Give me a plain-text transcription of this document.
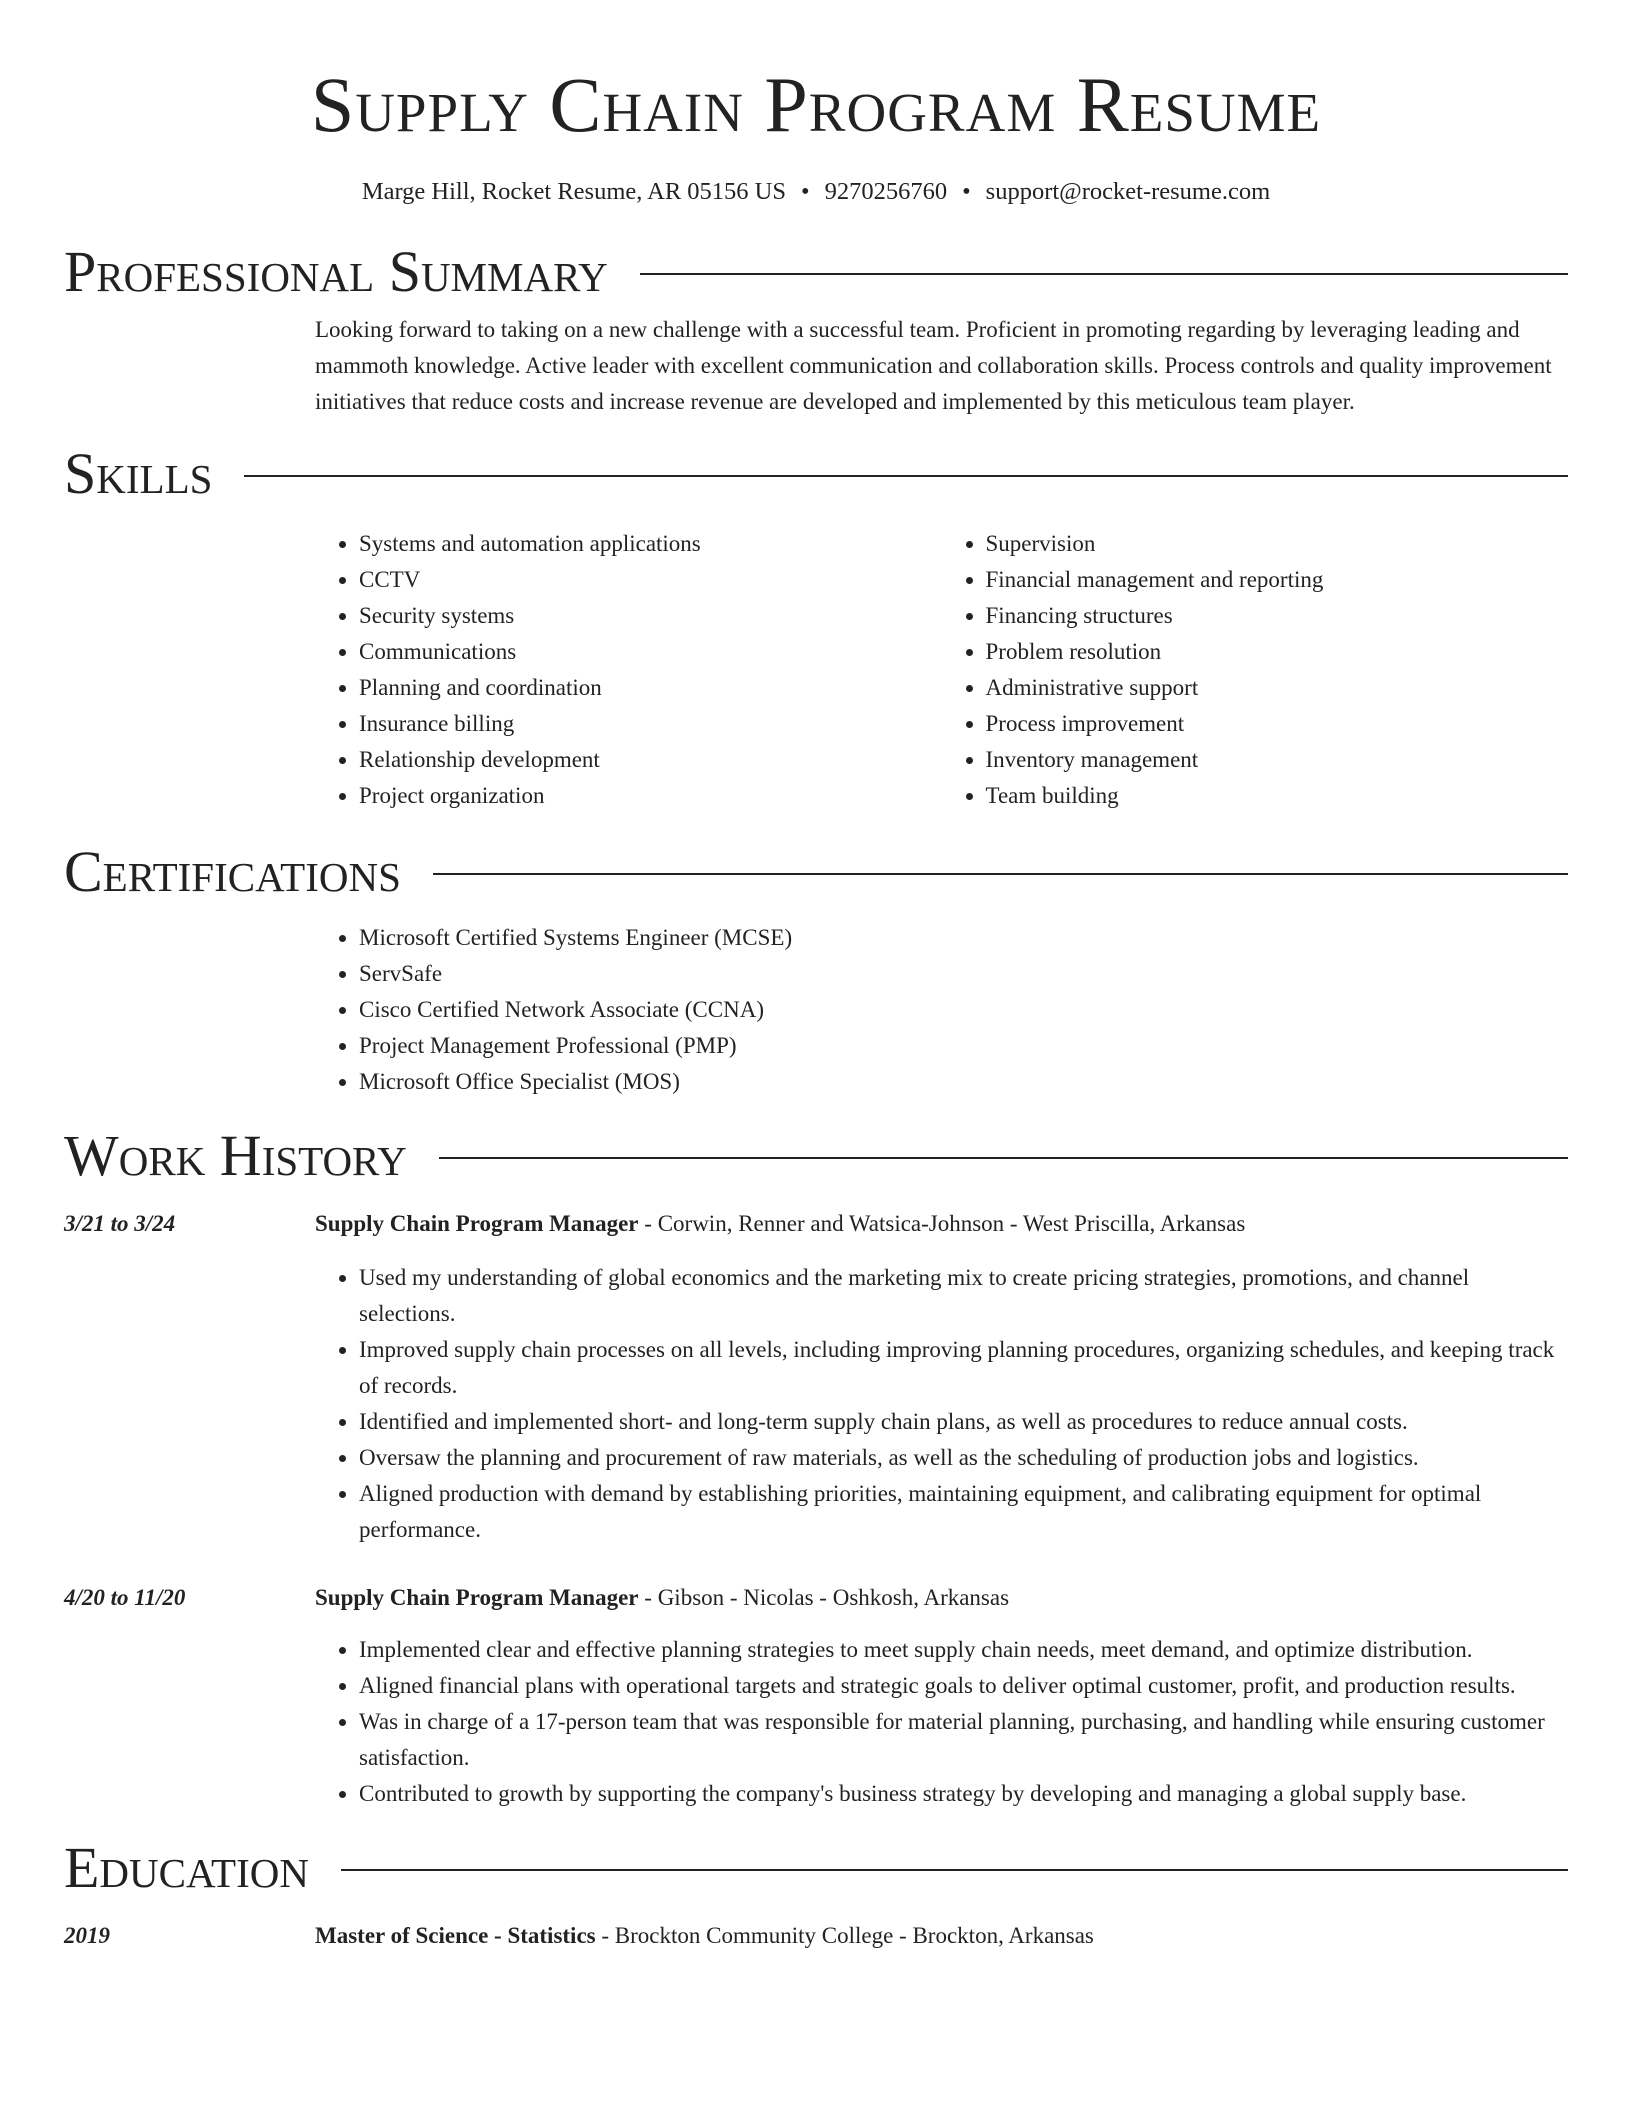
Supply Chain Program Resume
Marge Hill, Rocket Resume, AR 05156 US • 9270256760 • support@rocket-resume.com
Professional Summary

Looking forward to taking on a new challenge with a successful team. Proficient in promoting regarding by leveraging leading and mammoth knowledge. Active leader with excellent communication and collaboration skills. Process controls and quality improvement initiatives that reduce costs and increase revenue are developed and implemented by this meticulous team player.

Skills
• Systems and automation applications
• CCTV
• Security systems
• Communications
• Planning and coordination
• Insurance billing
• Relationship development
• Project organization
• Supervision
• Financial management and reporting
• Financing structures
• Problem resolution
• Administrative support
• Process improvement
• Inventory management
• Team building
Certifications
• Microsoft Certified Systems Engineer (MCSE)
• ServSafe
• Cisco Certified Network Associate (CCNA)
• Project Management Professional (PMP)
• Microsoft Office Specialist (MOS)
Work History
3/21 to 3/24	Supply Chain Program Manager - Corwin, Renner and Watsica-Johnson - West Priscilla, Arkansas
• Used my understanding of global economics and the marketing mix to create pricing strategies, promotions, and channel selections.
• Improved supply chain processes on all levels, including improving planning procedures, organizing schedules, and keeping track of records.
• Identified and implemented short- and long-term supply chain plans, as well as procedures to reduce annual costs.
• Oversaw the planning and procurement of raw materials, as well as the scheduling of production jobs and logistics.
• Aligned production with demand by establishing priorities, maintaining equipment, and calibrating equipment for optimal performance.
4/20 to 11/20	Supply Chain Program Manager - Gibson - Nicolas - Oshkosh, Arkansas
• Implemented clear and effective planning strategies to meet supply chain needs, meet demand, and optimize distribution.
• Aligned financial plans with operational targets and strategic goals to deliver optimal customer, profit, and production results.
• Was in charge of a 17-person team that was responsible for material planning, purchasing, and handling while ensuring customer satisfaction.
• Contributed to growth by supporting the company's business strategy by developing and managing a global supply base.
Education
2019	Master of Science - Statistics - Brockton Community College - Brockton, Arkansas
